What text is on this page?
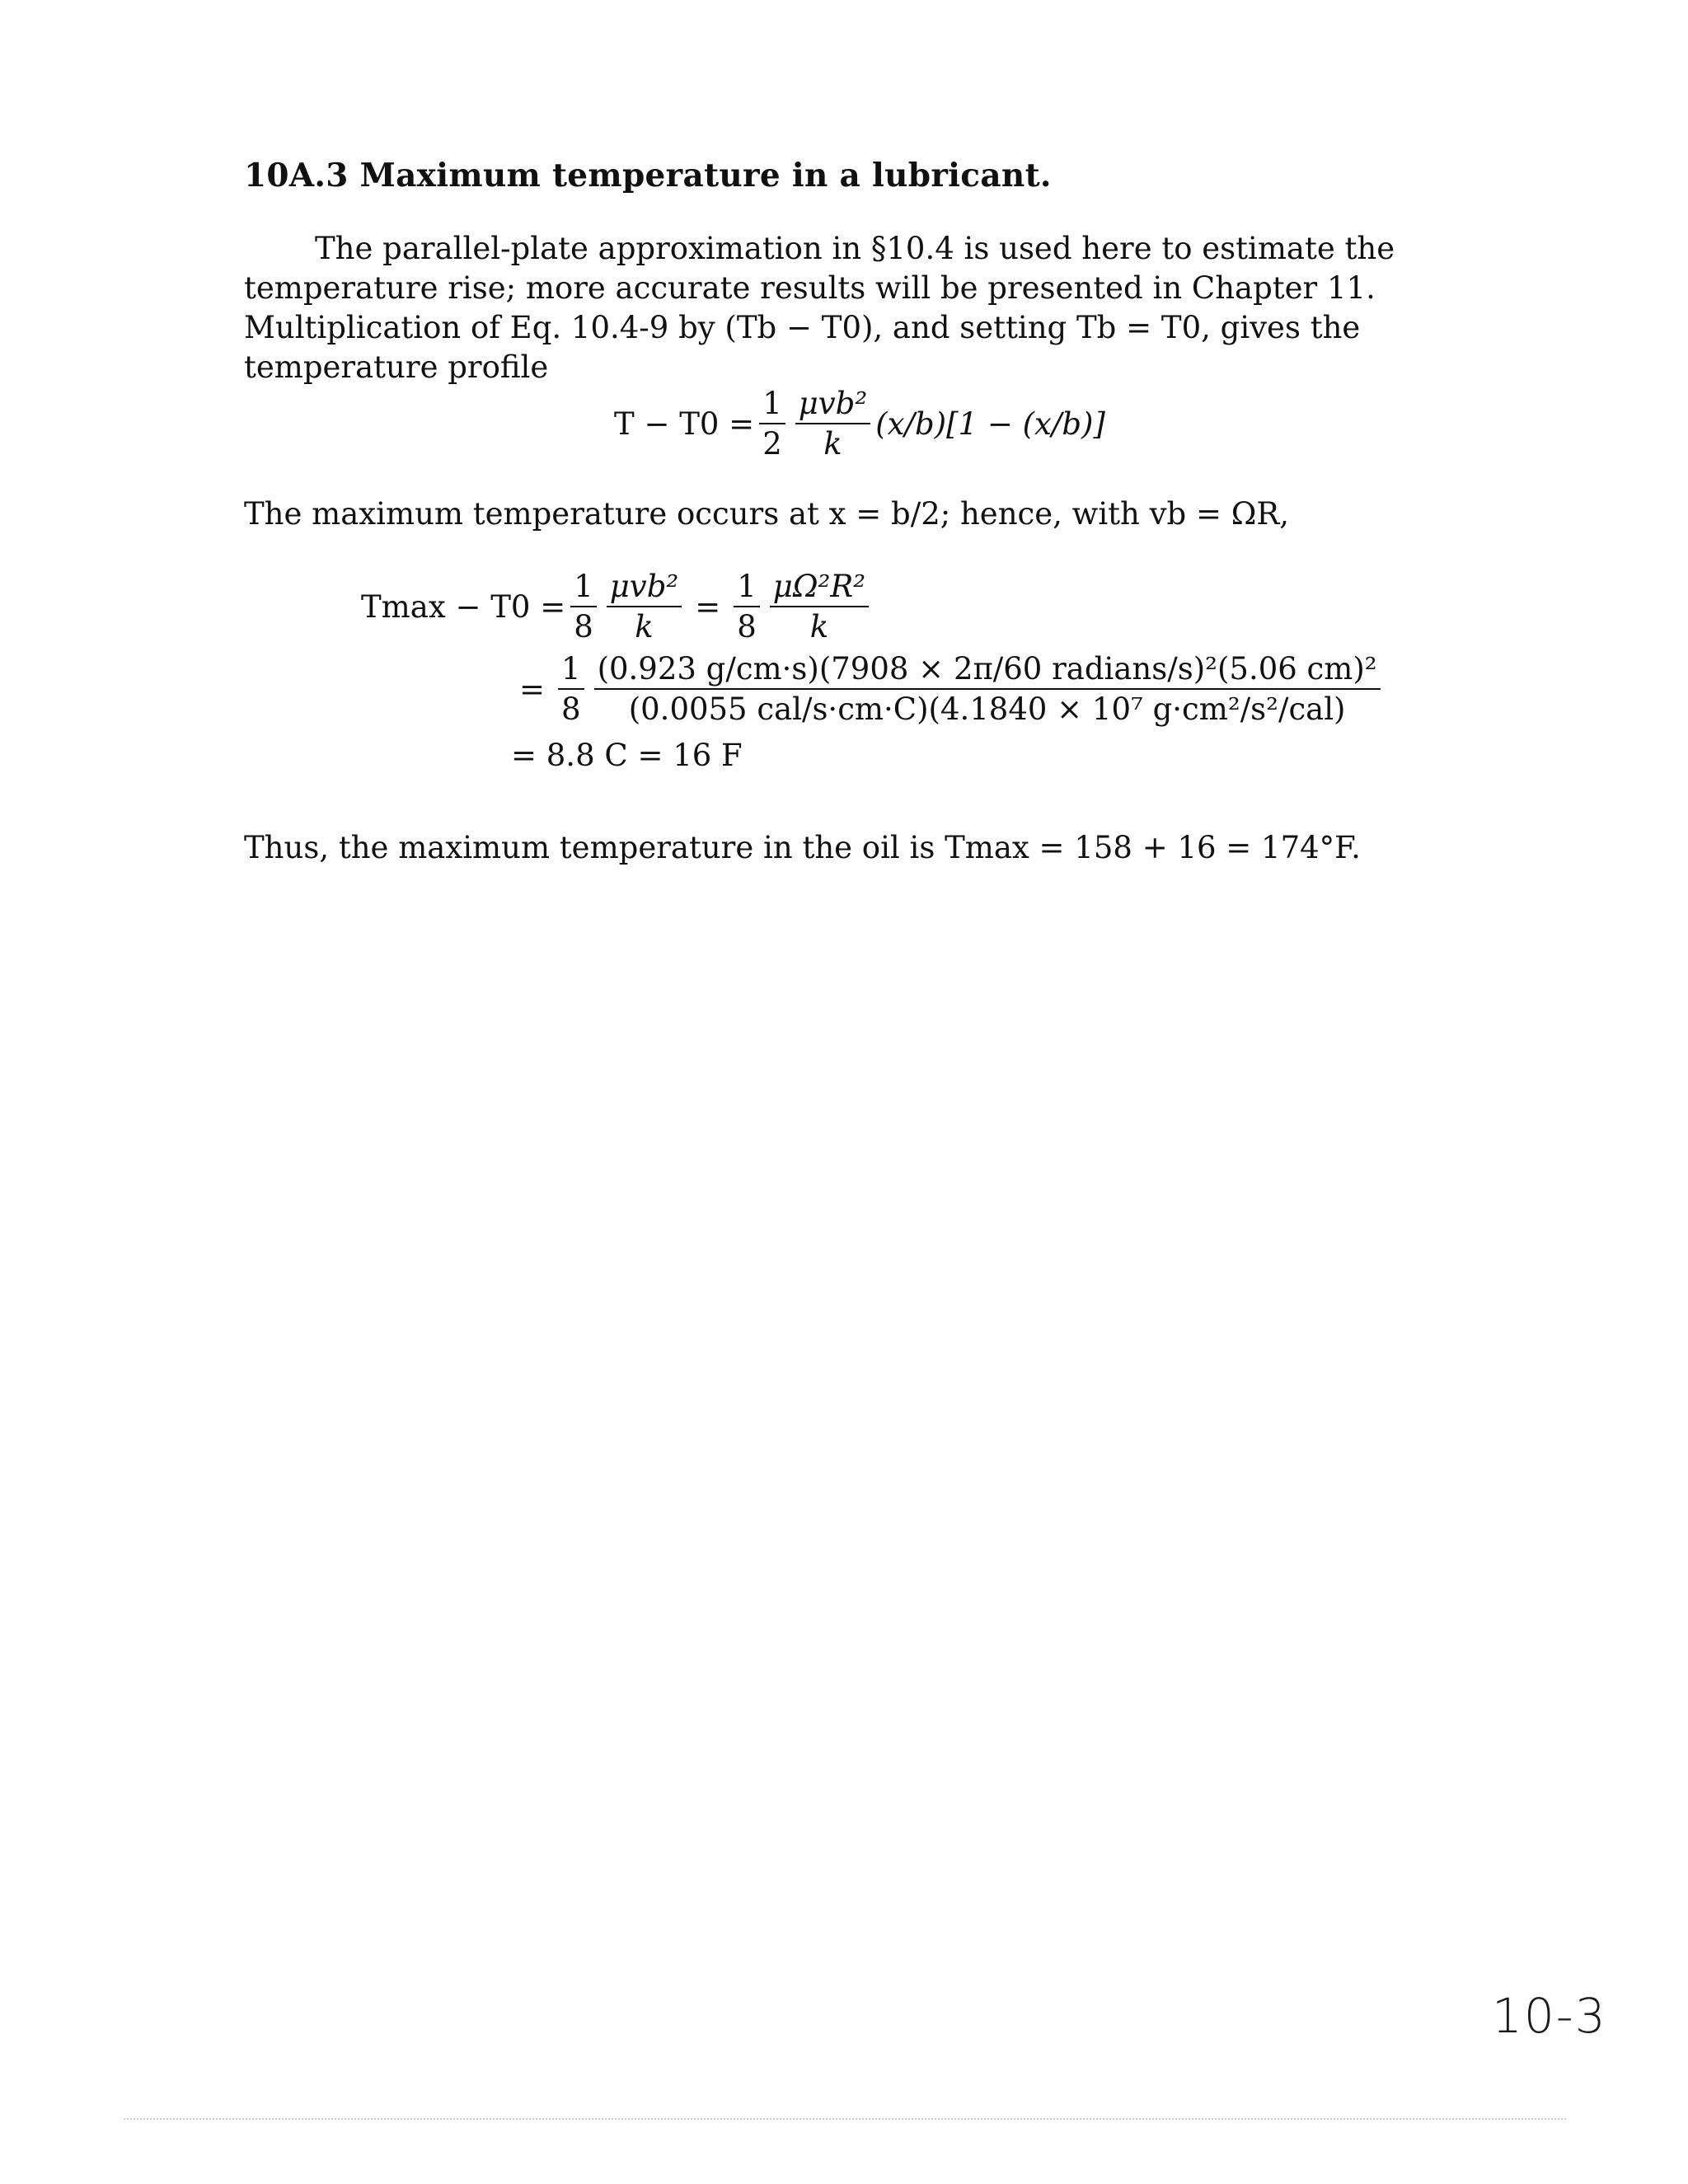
10A.3 Maximum temperature in a lubricant.
The parallel-plate approximation in §10.4 is used here to estimate the temperature rise; more accurate results will be presented in Chapter 11. Multiplication of Eq. 10.4-9 by (Tb − T0), and setting Tb = T0, gives the temperature profile
$T - T0 = \frac{1}{2} \frac{\text{μvb²}}{k} (x/b)[1 - (x/b)]$
The maximum temperature occurs at x = b/2; hence, with vb = ΩR,
$Tmax - T0 = \frac{1}{8} \frac{\text{μvb²}}{k} = \frac{1}{8} \frac{\text{μΩ²R²}}{k}$
= $\frac{1}{8} \frac{\text{(0.923 g/cm·s)(7908 × 2π/60 radians/s)²(5.06 cm)²}}{\text{(0.0055 cal/s·cm·C)(4.1840 × 10⁷ g·cm²/s²/cal)}}$
= 8.8 C = 16 F
Thus, the maximum temperature in the oil is Tmax = 158 + 16 = 174°F.
10-3
